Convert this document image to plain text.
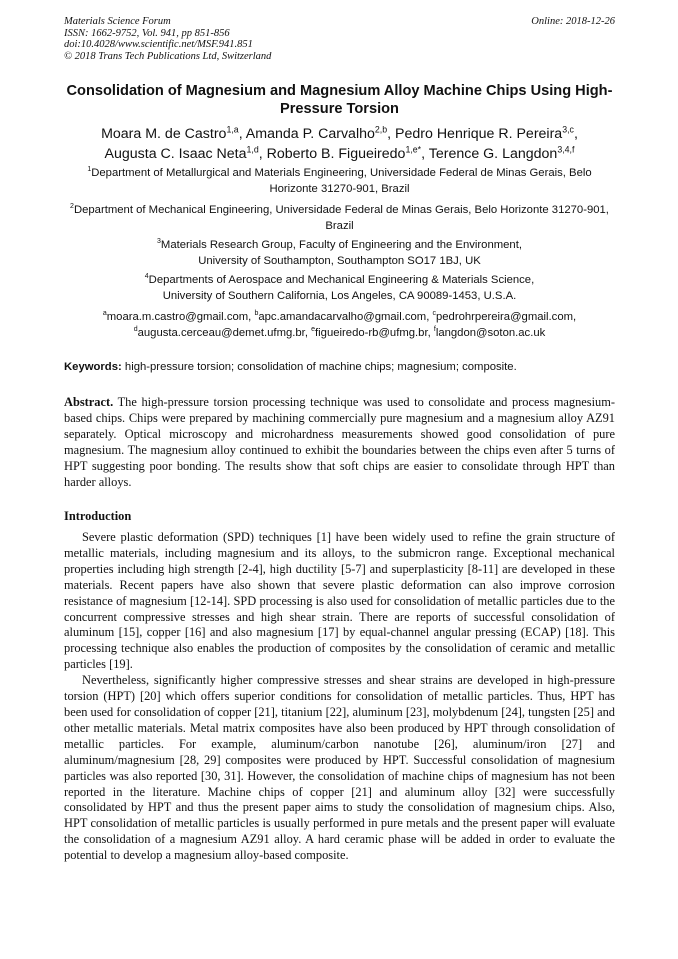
Materials Science Forum
ISSN: 1662-9752, Vol. 941, pp 851-856
doi:10.4028/www.scientific.net/MSF.941.851
© 2018 Trans Tech Publications Ltd, Switzerland
Online: 2018-12-26
Consolidation of Magnesium and Magnesium Alloy Machine Chips Using High-Pressure Torsion
Moara M. de Castro$^{1,a}$, Amanda P. Carvalho$^{2,b}$, Pedro Henrique R. Pereira$^{3,c}$,
Augusta C. Isaac Neta$^{1,d}$, Roberto B. Figueiredo$^{1,e*}$, Terence G. Langdon$^{3,4,f}$
$^1$Department of Metallurgical and Materials Engineering, Universidade Federal de Minas Gerais, Belo Horizonte 31270-901, Brazil
$^2$Department of Mechanical Engineering, Universidade Federal de Minas Gerais, Belo Horizonte 31270-901, Brazil
$^3$Materials Research Group, Faculty of Engineering and the Environment,
University of Southampton, Southampton SO17 1BJ, UK
$^4$Departments of Aerospace and Mechanical Engineering & Materials Science,
University of Southern California, Los Angeles, CA 90089-1453, U.S.A.
$^a$moara.m.castro@gmail.com, $^b$apc.amandacarvalho@gmail.com, $^c$pedrohrpereira@gmail.com,
$^d$augusta.cerceau@demet.ufmg.br, $^e$figueiredo-rb@ufmg.br, $^f$langdon@soton.ac.uk
Keywords: high-pressure torsion; consolidation of machine chips; magnesium; composite.
Abstract. The high-pressure torsion processing technique was used to consolidate and process magnesium-based chips. Chips were prepared by machining commercially pure magnesium and a magnesium alloy AZ91 separately. Optical microscopy and microhardness measurements showed good consolidation of pure magnesium. The magnesium alloy continued to exhibit the boundaries between the chips even after 5 turns of HPT suggesting poor bonding. The results show that soft chips are easier to consolidate through HPT than harder alloys.
Introduction

Severe plastic deformation (SPD) techniques [1] have been widely used to refine the grain structure of metallic materials, including magnesium and its alloys, to the submicron range. Exceptional mechanical properties including high strength [2-4], high ductility [5-7] and superplasticity [8-11] are developed in these materials. Recent papers have also shown that severe plastic deformation can also improve corrosion resistance of magnesium [12-14]. SPD processing is also used for consolidation of metallic particles due to the concurrent compressive stresses and high shear strain. There are reports of successful consolidation of aluminum [15], copper [16] and also magnesium [17] by equal-channel angular pressing (ECAP) [18]. This processing technique also enables the production of composites by the consolidation of ceramic and metallic particles [19].

Nevertheless, significantly higher compressive stresses and shear strains are developed in high-pressure torsion (HPT) [20] which offers superior conditions for consolidation of metallic particles. Thus, HPT has been used for consolidation of copper [21], titanium [22], aluminum [23], molybdenum [24], tungsten [25] and other metallic materials. Metal matrix composites have also been produced by HPT through consolidation of metallic particles. For example, aluminum/carbon nanotube [26], aluminum/iron [27] and aluminum/magnesium [28, 29] composites were produced by HPT. Successful consolidation of magnesium particles was also reported [30, 31]. However, the consolidation of machine chips of magnesium has not been reported in the literature. Machine chips of copper [21] and aluminum alloy [32] were successfully consolidated by HPT and thus the present paper aims to study the consolidation of magnesium chips. Also, HPT consolidation of metallic particles is usually performed in pure metals and the present paper will evaluate the consolidation of a magnesium AZ91 alloy. A hard ceramic phase will be added in order to evaluate the potential to develop a magnesium alloy-based composite.
